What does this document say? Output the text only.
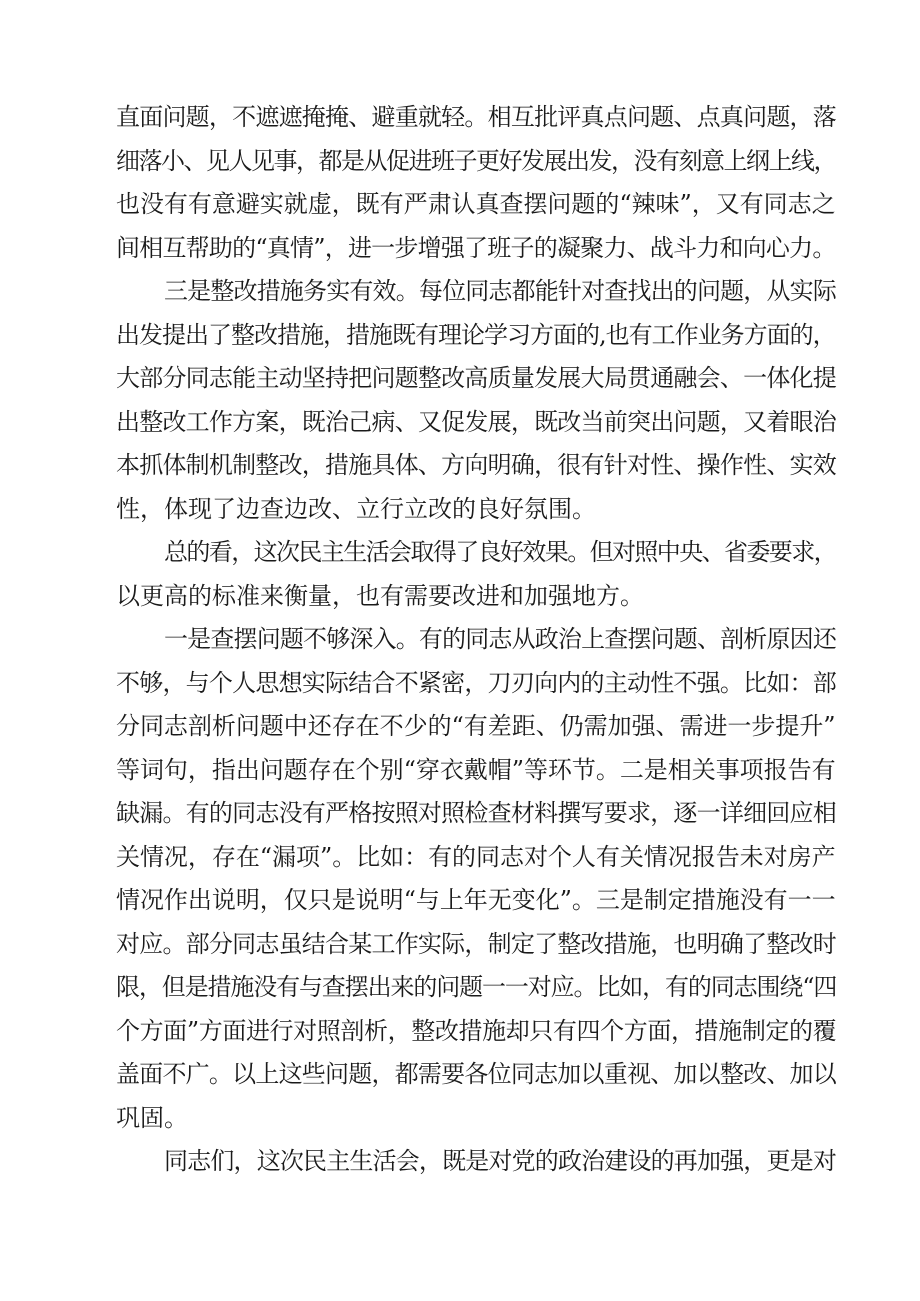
直面问题，不遮遮掩掩、避重就轻。相互批评真点问题、点真问题，落
细落小、见人见事，都是从促进班子更好发展出发，没有刻意上纲上线，
也没有有意避实就虚，既有严肃认真查摆问题的“辣味”，又有同志之
间相互帮助的“真情”，进一步增强了班子的凝聚力、战斗力和向心力。
三是整改措施务实有效。每位同志都能针对查找出的问题，从实际
出发提出了整改措施，措施既有理论学习方面的,也有工作业务方面的，
大部分同志能主动坚持把问题整改高质量发展大局贯通融会、一体化提
出整改工作方案，既治己病、又促发展，既改当前突出问题，又着眼治
本抓体制机制整改，措施具体、方向明确，很有针对性、操作性、实效
性，体现了边查边改、立行立改的良好氛围。
总的看，这次民主生活会取得了良好效果。但对照中央、省委要求，
以更高的标准来衡量，也有需要改进和加强地方。
一是查摆问题不够深入。有的同志从政治上查摆问题、剖析原因还
不够，与个人思想实际结合不紧密，刀刃向内的主动性不强。比如：部
分同志剖析问题中还存在不少的“有差距、仍需加强、需进一步提升”
等词句，指出问题存在个别“穿衣戴帽”等环节。二是相关事项报告有
缺漏。有的同志没有严格按照对照检查材料撰写要求，逐一详细回应相
关情况，存在“漏项”。比如：有的同志对个人有关情况报告未对房产
情况作出说明，仅只是说明“与上年无变化”。三是制定措施没有一一
对应。部分同志虽结合某工作实际，制定了整改措施，也明确了整改时
限，但是措施没有与查摆出来的问题一一对应。比如，有的同志围绕“四
个方面”方面进行对照剖析，整改措施却只有四个方面，措施制定的覆
盖面不广。以上这些问题，都需要各位同志加以重视、加以整改、加以
巩固。
同志们，这次民主生活会，既是对党的政治建设的再加强，更是对
